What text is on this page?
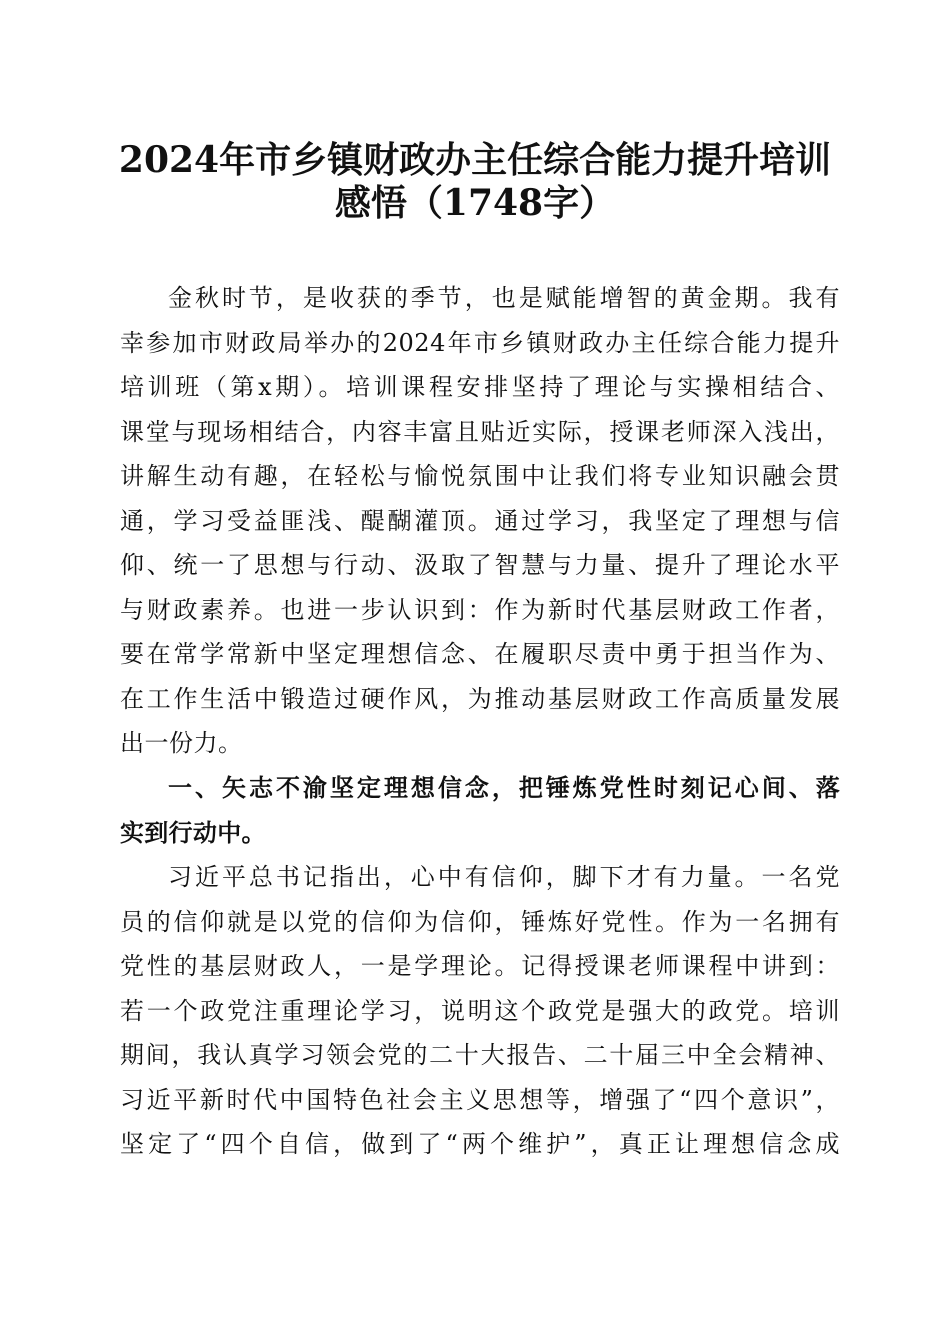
2024年市乡镇财政办主任综合能力提升培训
感悟（1748字）
金秋时节，是收获的季节，也是赋能增智的黄金期。我有
幸参加市财政局举办的2024年市乡镇财政办主任综合能力提升
培训班（第x期）。培训课程安排坚持了理论与实操相结合、
课堂与现场相结合，内容丰富且贴近实际，授课老师深入浅出，
讲解生动有趣，在轻松与愉悦氛围中让我们将专业知识融会贯
通，学习受益匪浅、醍醐灌顶。通过学习，我坚定了理想与信
仰、统一了思想与行动、汲取了智慧与力量、提升了理论水平
与财政素养。也进一步认识到：作为新时代基层财政工作者，
要在常学常新中坚定理想信念、在履职尽责中勇于担当作为、
在工作生活中锻造过硬作风，为推动基层财政工作高质量发展
出一份力。
一、矢志不渝坚定理想信念，把锤炼党性时刻记心间、落
实到行动中。
习近平总书记指出，心中有信仰，脚下才有力量。一名党
员的信仰就是以党的信仰为信仰，锤炼好党性。作为一名拥有
党性的基层财政人，一是学理论。记得授课老师课程中讲到：
若一个政党注重理论学习，说明这个政党是强大的政党。培训
期间，我认真学习领会党的二十大报告、二十届三中全会精神、
习近平新时代中国特色社会主义思想等，增强了“四个意识”，
坚定了“四个自信，做到了“两个维护”，真正让理想信念成
